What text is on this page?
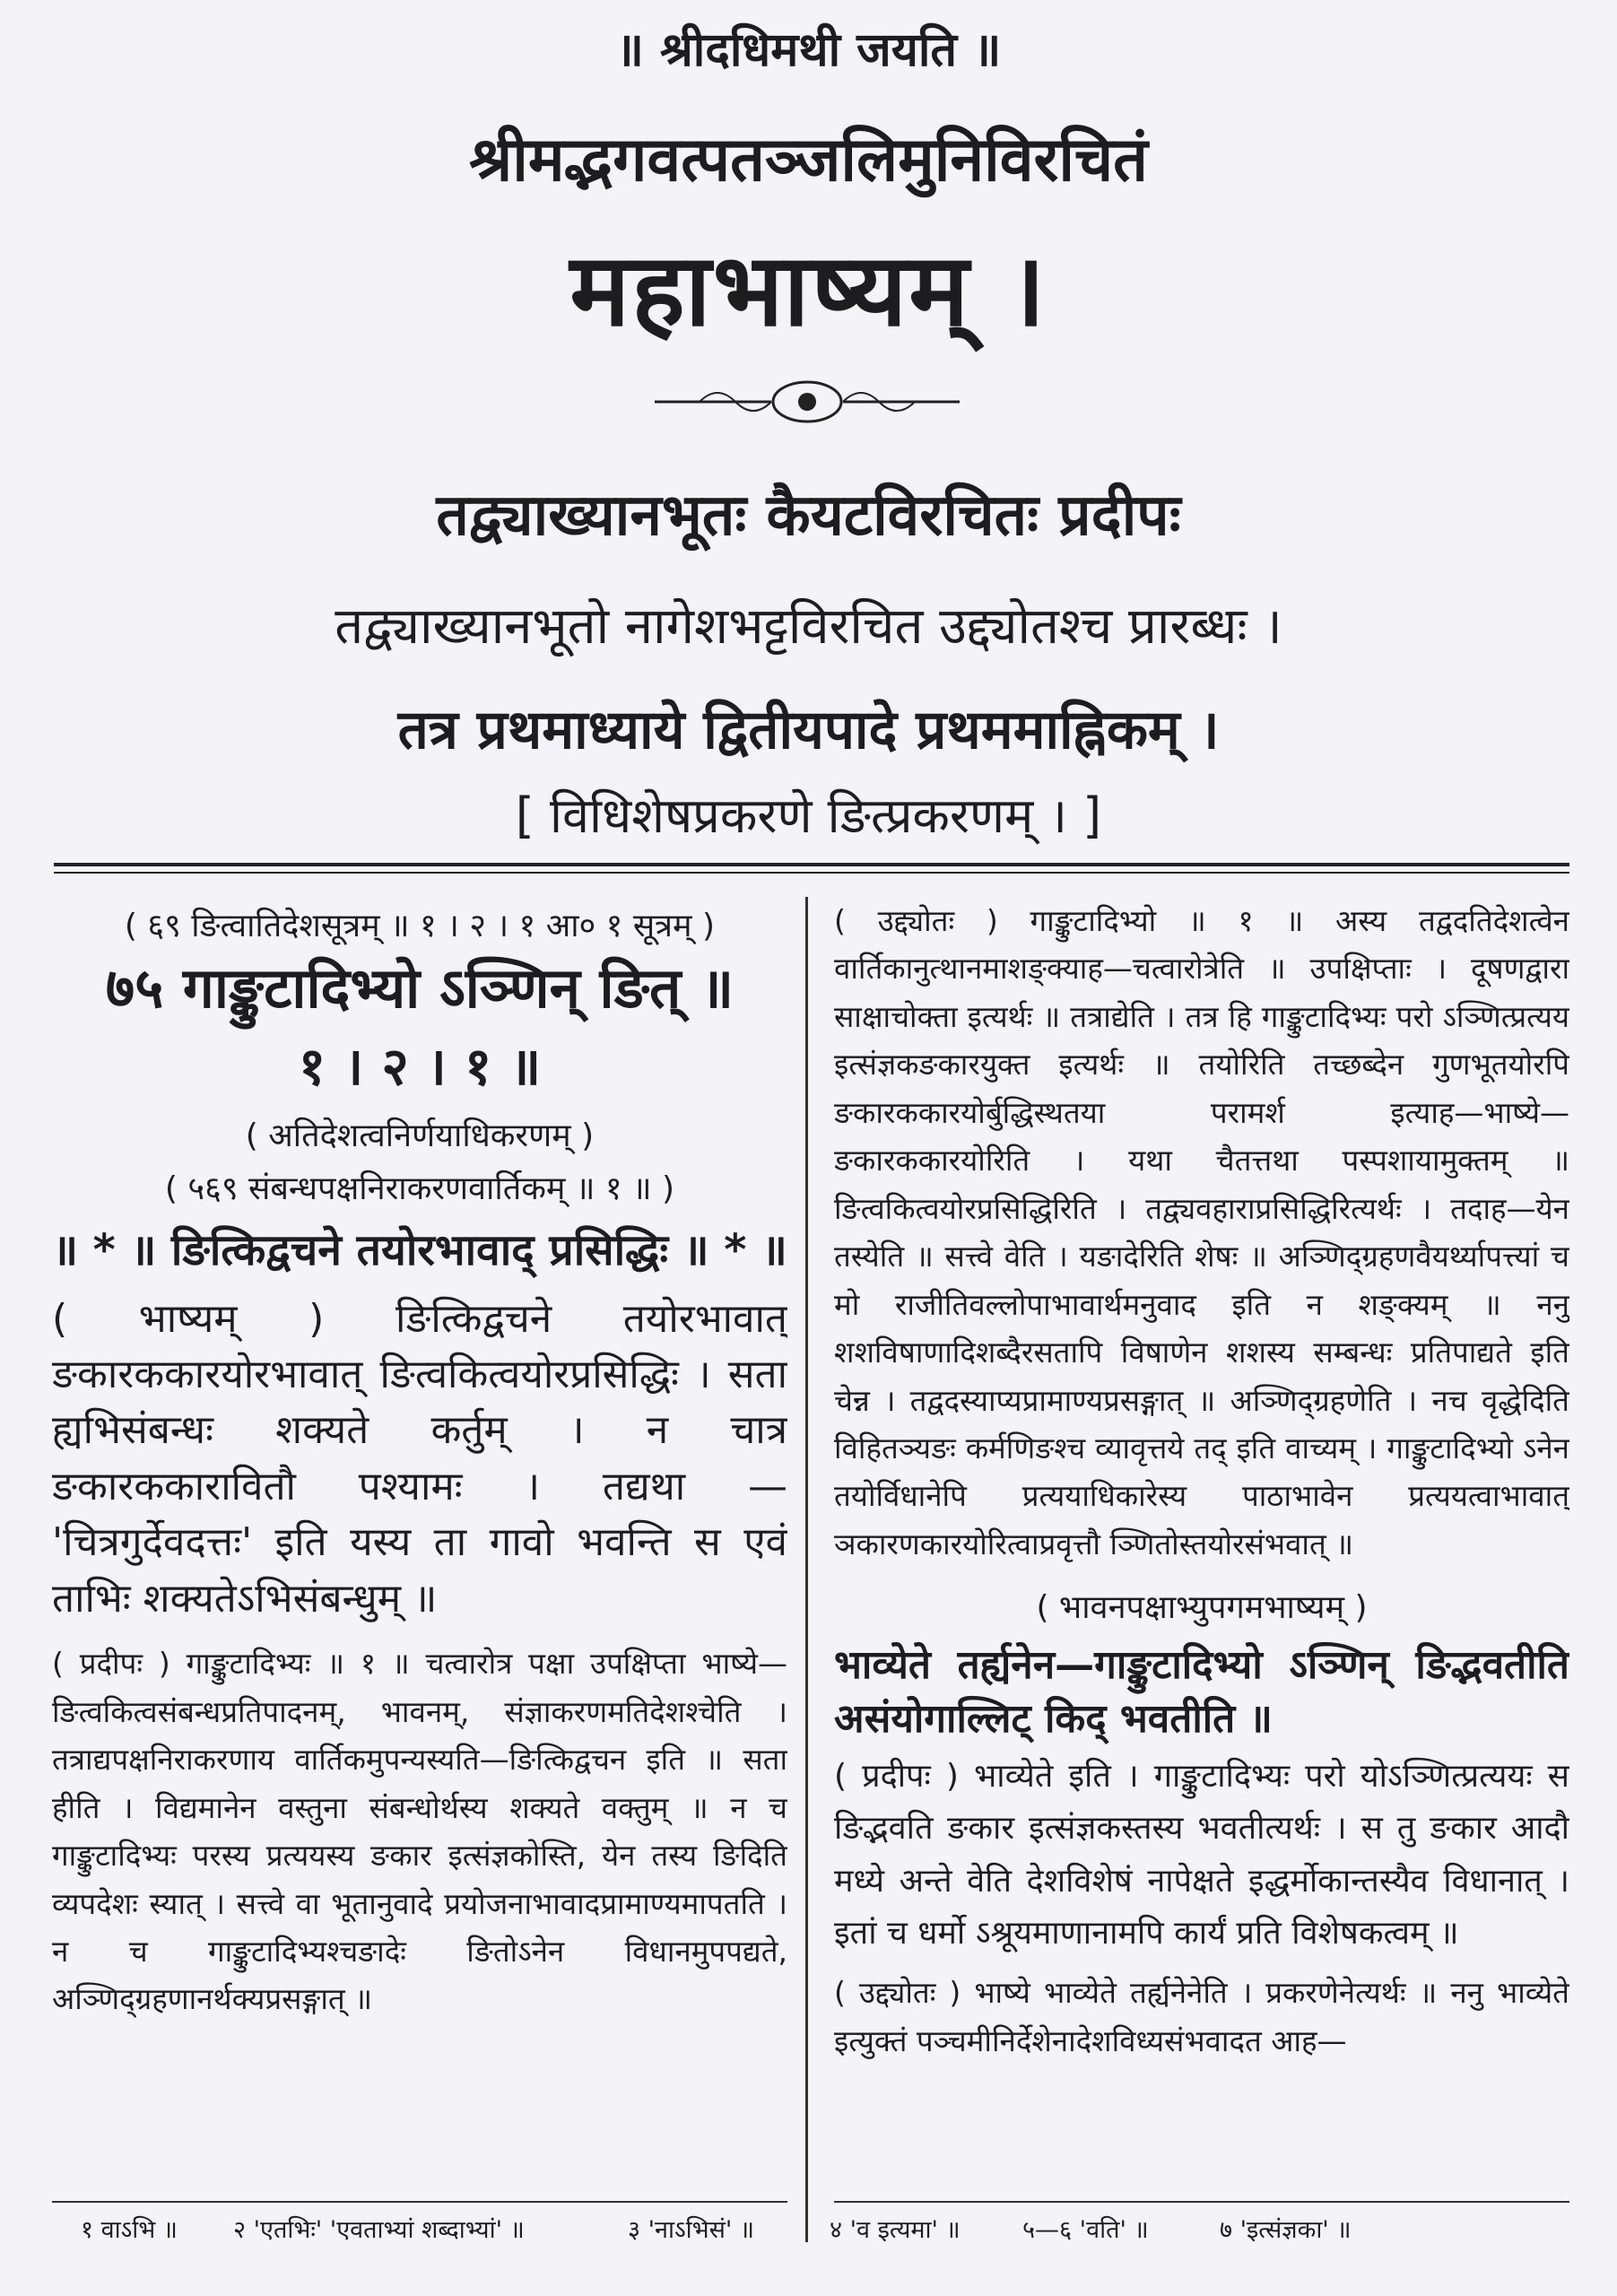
॥ श्रीदधिमथी जयति ॥
श्रीमद्भगवत्पतञ्जलिमुनिविरचितं
महाभाष्यम् ।
तद्व्याख्यानभूतः कैयटविरचितः प्रदीपः
तद्व्याख्यानभूतो नागेशभट्टविरचित उद्द्योतश्च प्रारब्धः ।
तत्र प्रथमाध्याये द्वितीयपादे प्रथममाह्निकम् ।
[ विधिशेषप्रकरणे ङित्प्रकरणम् । ]

( ६९ ङित्वातिदेशसूत्रम् ॥ १ । २ । १ आ० १ सूत्रम् )

७५ गाङ्कुटादिभ्यो ऽञ्णिन् ङित् ॥

१ । २ । १ ॥

( अतिदेशत्वनिर्णयाधिकरणम् )

( ५६९ संबन्धपक्षनिराकरणवार्तिकम् ॥ १ ॥ )

॥ * ॥ ङित्किद्वचने तयोरभावाद् प्रसिद्धिः ॥ * ॥

( भाष्यम् ) ङित्किद्वचने तयोरभावात् ङकारककारयोरभावात् ङित्वकित्वयोरप्रसिद्धिः । सता ह्यभिसंबन्धः शक्यते कर्तुम् । न चात्र ङकारककारावितौ पश्यामः । तद्यथा — 'चित्रगुर्देवदत्तः' इति यस्य ता गावो भवन्ति स एवं ताभिः शक्यतेऽभिसंबन्धुम् ॥

( प्रदीपः ) गाङ्कुटादिभ्यः ॥ १ ॥ चत्वारोत्र पक्षा उपक्षिप्ता भाष्ये—ङित्वकित्वसंबन्धप्रतिपादनम्, भावनम्, संज्ञाकरणमतिदेशश्चेति । तत्राद्यपक्षनिराकरणाय वार्तिकमुपन्यस्यति—ङित्किद्वचन इति ॥ सता हीति । विद्यमानेन वस्तुना संबन्धोर्थस्य शक्यते वक्तुम् ॥ न च गाङ्कुटादिभ्यः परस्य प्रत्ययस्य ङकार इत्संज्ञकोस्ति, येन तस्य ङिदिति व्यपदेशः स्यात् । सत्त्वे वा भूतानुवादे प्रयोजनाभावादप्रामाण्यमापतति । न च गाङ्कुटादिभ्यश्चङादेः ङितोऽनेन विधानमुपपद्यते, अञ्णिद्ग्रहणानर्थक्यप्रसङ्गात् ॥

( उद्द्योतः ) गाङ्कुटादिभ्यो ॥ १ ॥ अस्य तद्वदतिदेशत्वेन वार्तिकानुत्थानमाशङ्क्याह—चत्वारोत्रेति ॥ उपक्षिप्ताः । दूषणद्वारा साक्षाचोक्ता इत्यर्थः ॥ तत्राद्येति । तत्र हि गाङ्कुटादिभ्यः परो ऽञ्णित्प्रत्यय इत्संज्ञकङकारयुक्त इत्यर्थः ॥ तयोरिति तच्छब्देन गुणभूतयोरपि ङकारककारयोर्बुद्धिस्थतया परामर्श इत्याह—भाष्ये—ङकारककारयोरिति । यथा चैतत्तथा पस्पशायामुक्तम् ॥ ङित्वकित्वयोरप्रसिद्धिरिति । तद्व्यवहाराप्रसिद्धिरित्यर्थः । तदाह—येन तस्येति ॥ सत्त्वे वेति । यङादेरिति शेषः ॥ अञ्णिद्ग्रहणवैयर्थ्यापत्त्यां च मो राजीतिवल्लोपाभावार्थमनुवाद इति न शङ्क्यम् ॥ ननु शशविषाणादिशब्दैरसतापि विषाणेन शशस्य सम्बन्धः प्रतिपाद्यते इति चेन्न । तद्वदस्याप्यप्रामाण्यप्रसङ्गात् ॥ अञ्णिद्ग्रहणेति । नच वृद्धेदिति विहितञ्यङः कर्मणिङश्च व्यावृत्तये तद् इति वाच्यम् । गाङ्कुटादिभ्यो ऽनेन तयोर्विधानेपि प्रत्ययाधिकारेस्य पाठाभावेन प्रत्ययत्वाभावात् ञकारणकारयोरित्वाप्रवृत्तौ ञ्णितोस्तयोरसंभवात् ॥

( भावनपक्षाभ्युपगमभाष्यम् )

भाव्येते तर्ह्यनेन—गाङ्कुटादिभ्यो ऽञ्णिन् ङिद्भवतीति असंयोगाल्लिट् किद् भवतीति ॥

( प्रदीपः ) भाव्येते इति । गाङ्कुटादिभ्यः परो योऽञ्णित्प्रत्ययः स ङिद्भवति ङकार इत्संज्ञकस्तस्य भवतीत्यर्थः । स तु ङकार आदौ मध्ये अन्ते वेति देशविशेषं नापेक्षते इद्धर्मोकान्तस्यैव विधानात् । इतां च धर्मो ऽश्रूयमाणानामपि कार्यं प्रति विशेषकत्वम् ॥

( उद्द्योतः ) भाष्ये भाव्येते तर्ह्यनेनेति । प्रकरणेनेत्यर्थः ॥ ननु भाव्येते इत्युक्तं पञ्चमीनिर्देशेनादेशविध्यसंभवादत आह—

१ वाऽभि ॥ २ 'एतभिः' 'एवताभ्यां शब्दाभ्यां' ॥	३ 'नाऽभिसं' ॥	४ 'व इत्यमा' ॥	५—६ 'वति' ॥	७ 'इत्संज्ञका' ॥
